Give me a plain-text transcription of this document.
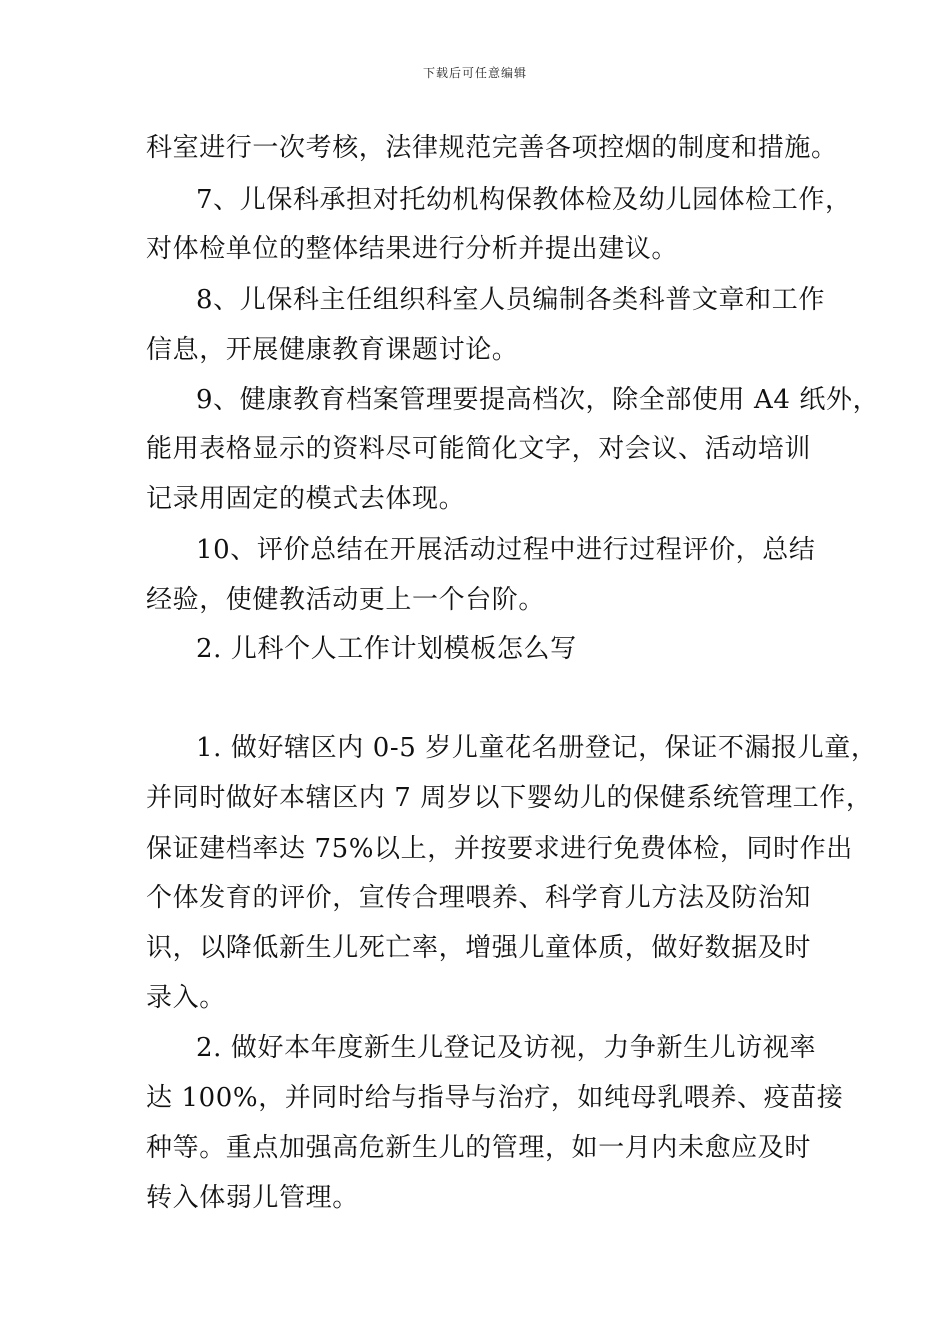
下载后可任意编辑
科室进行一次考核，法律规范完善各项控烟的制度和措施。
7、儿保科承担对托幼机构保教体检及幼儿园体检工作，
对体检单位的整体结果进行分析并提出建议。
8、儿保科主任组织科室人员编制各类科普文章和工作
信息，开展健康教育课题讨论。
9、健康教育档案管理要提高档次，除全部使用 A4 纸外，
能用表格显示的资料尽可能简化文字，对会议、活动培训
记录用固定的模式去体现。
10、评价总结在开展活动过程中进行过程评价，总结
经验，使健教活动更上一个台阶。
2. 儿科个人工作计划模板怎么写
1. 做好辖区内 0-5 岁儿童花名册登记，保证不漏报儿童，
并同时做好本辖区内 7 周岁以下婴幼儿的保健系统管理工作，
保证建档率达 75%以上，并按要求进行免费体检，同时作出
个体发育的评价，宣传合理喂养、科学育儿方法及防治知
识，以降低新生儿死亡率，增强儿童体质，做好数据及时
录入。
2. 做好本年度新生儿登记及访视，力争新生儿访视率
达 100%，并同时给与指导与治疗，如纯母乳喂养、疫苗接
种等。重点加强高危新生儿的管理，如一月内未愈应及时
转入体弱儿管理。
